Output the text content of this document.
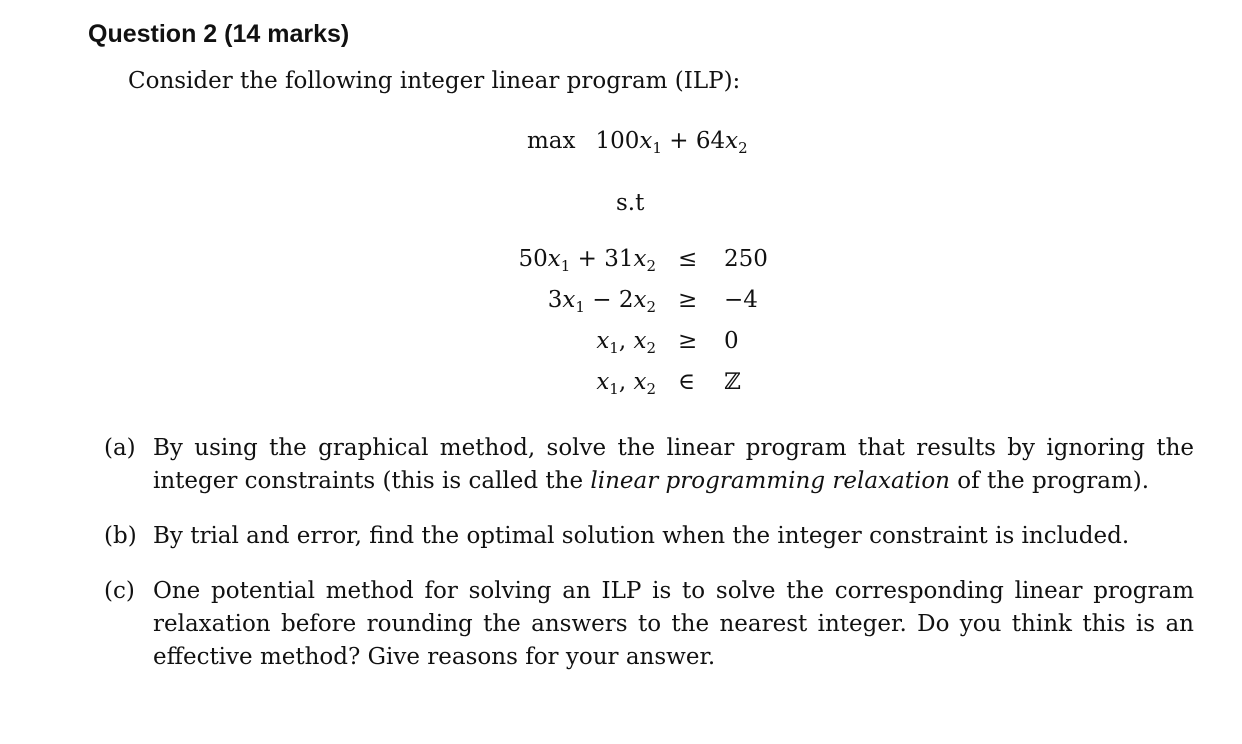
Question 2 (14 marks)
Consider the following integer linear program (ILP):
$\max 100x_1 + 64x_2$
s.t
$50x_1 + 31x_2 \le 250$
$3x_1 - 2x_2 \ge -4$
$x_1$, $x_2 \ge 0$
$x_1$, $x_2$ ∈ ℤ
(a) By using the graphical method, solve the linear program that results by ignoring the integer constraints (this is called the linear programming relaxation of the program).
(b) By trial and error, find the optimal solution when the integer constraint is included.
(c) One potential method for solving an ILP is to solve the corresponding linear program relaxation before rounding the answers to the nearest integer. Do you think this is an effective method? Give reasons for your answer.
